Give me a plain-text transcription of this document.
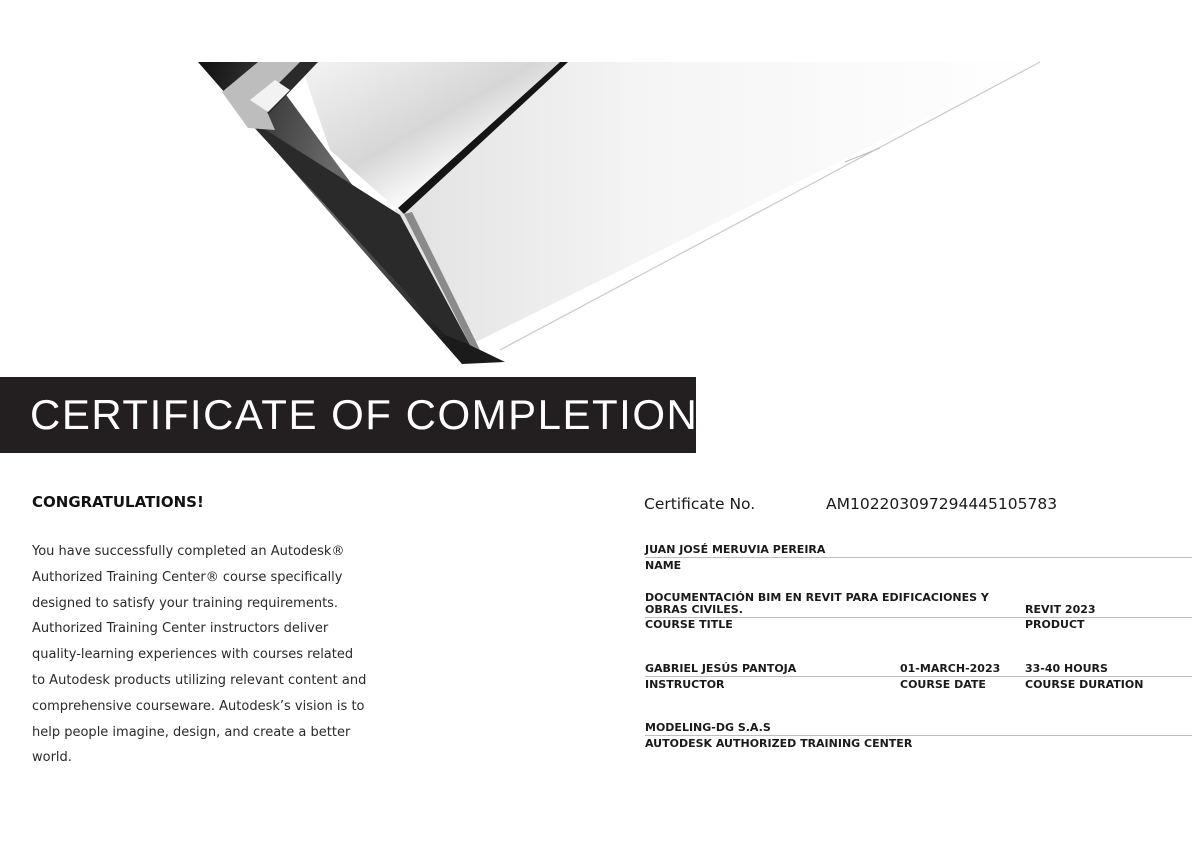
CERTIFICATE OF COMPLETION
CONGRATULATIONS!
You have successfully completed an Autodesk®
Authorized Training Center® course specifically
designed to satisfy your training requirements.
Authorized Training Center instructors deliver
quality-learning experiences with courses related
to Autodesk products utilizing relevant content and
comprehensive courseware. Autodesk’s vision is to
help people imagine, design, and create a better
world.
Certificate No.	AM102203097294445105783
JUAN JOSÉ MERUVIA PEREIRA
NAME
DOCUMENTACIÓN BIM EN REVIT PARA EDIFICACIONES Y
OBRAS CIVILES.	REVIT 2023
COURSE TITLE	PRODUCT
GABRIEL JESÚS PANTOJA	01-MARCH-2023 33-40 HOURS
INSTRUCTOR	COURSE DATE	COURSE DURATION
MODELING-DG S.A.S
AUTODESK AUTHORIZED TRAINING CENTER
